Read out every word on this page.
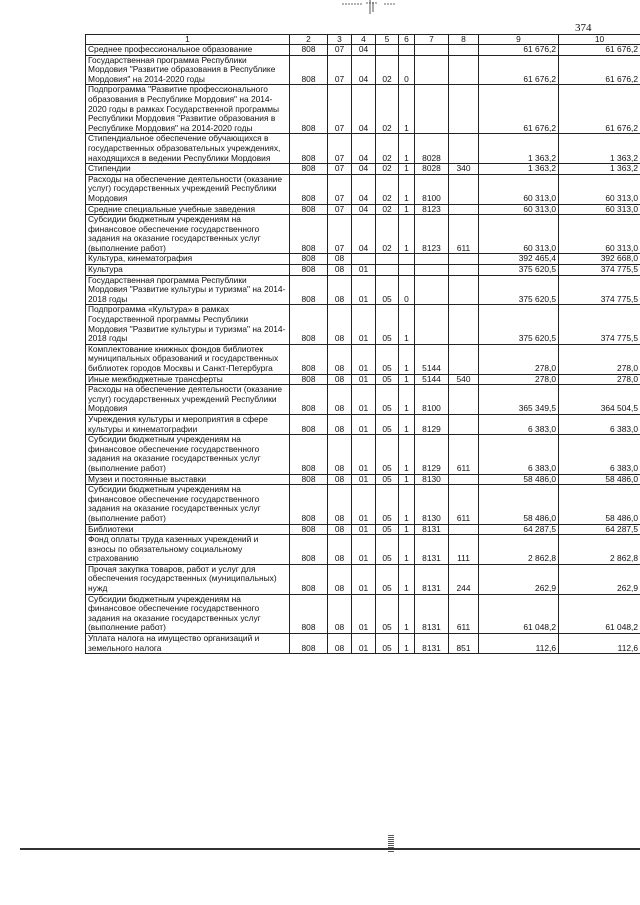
374
1	2	3	4	5	6	7	8	9	10
Среднее профессиональное образование	808	07	04					61 676,2	61 676,2
Государственная программа Республики Мордовия "Развитие образования в Республике Мордовия" на 2014-2020 годы	808	07	04	02	0			61 676,2	61 676,2
Подпрограмма "Развитие профессионального образования в Республике Мордовия" на 2014-2020 годы в рамках Государственной программы Республики Мордовия "Развитие образования в Республике Мордовия" на 2014-2020 годы	808	07	04	02	1			61 676,2	61 676,2
Стипендиальное обеспечение обучающихся в государственных образовательных учреждениях, находящихся в ведении Республики Мордовия	808	07	04	02	1	8028		1 363,2	1 363,2
Стипендии	808	07	04	02	1	8028	340	1 363,2	1 363,2
Расходы на обеспечение деятельности (оказание услуг) государственных учреждений Республики Мордовия	808	07	04	02	1	8100		60 313,0	60 313,0
Средние специальные учебные заведения	808	07	04	02	1	8123		60 313,0	60 313,0
Субсидии бюджетным учреждениям на финансовое обеспечение государственного задания на оказание государственных услуг (выполнение работ)	808	07	04	02	1	8123	611	60 313,0	60 313,0
Культура, кинематография	808	08						392 465,4	392 668,0
Культура	808	08	01					375 620,5	374 775,5
Государственная программа Республики Мордовия "Развитие культуры и туризма" на 2014-2018 годы	808	08	01	05	0			375 620,5	374 775,5
Подпрограмма «Культура» в рамках Государственной программы Республики Мордовия "Развитие культуры и туризма" на 2014-2018 годы	808	08	01	05	1			375 620,5	374 775,5
Комплектование книжных фондов библиотек муниципальных образований и государственных библиотек городов Москвы и Санкт-Петербурга	808	08	01	05	1	5144		278,0	278,0
Иные межбюджетные трансферты	808	08	01	05	1	5144	540	278,0	278,0
Расходы на обеспечение деятельности (оказание услуг) государственных учреждений Республики Мордовия	808	08	01	05	1	8100		365 349,5	364 504,5
Учреждения культуры и мероприятия в сфере культуры и кинематографии	808	08	01	05	1	8129		6 383,0	6 383,0
Субсидии бюджетным учреждениям на финансовое обеспечение государственного задания на оказание государственных услуг (выполнение работ)	808	08	01	05	1	8129	611	6 383,0	6 383,0
Музеи и постоянные выставки	808	08	01	05	1	8130		58 486,0	58 486,0
Субсидии бюджетным учреждениям на финансовое обеспечение государственного задания на оказание государственных услуг (выполнение работ)	808	08	01	05	1	8130	611	58 486,0	58 486,0
Библиотеки	808	08	01	05	1	8131		64 287,5	64 287,5
Фонд оплаты труда казенных учреждений и взносы по обязательному социальному страхованию	808	08	01	05	1	8131	111	2 862,8	2 862,8
Прочая закупка товаров, работ и услуг для обеспечения государственных (муниципальных) нужд	808	08	01	05	1	8131	244	262,9	262,9
Субсидии бюджетным учреждениям на финансовое обеспечение государственного задания на оказание государственных услуг (выполнение работ)	808	08	01	05	1	8131	611	61 048,2	61 048,2
Уплата налога на имущество организаций и земельного налога	808	08	01	05	1	8131	851	112,6	112,6
